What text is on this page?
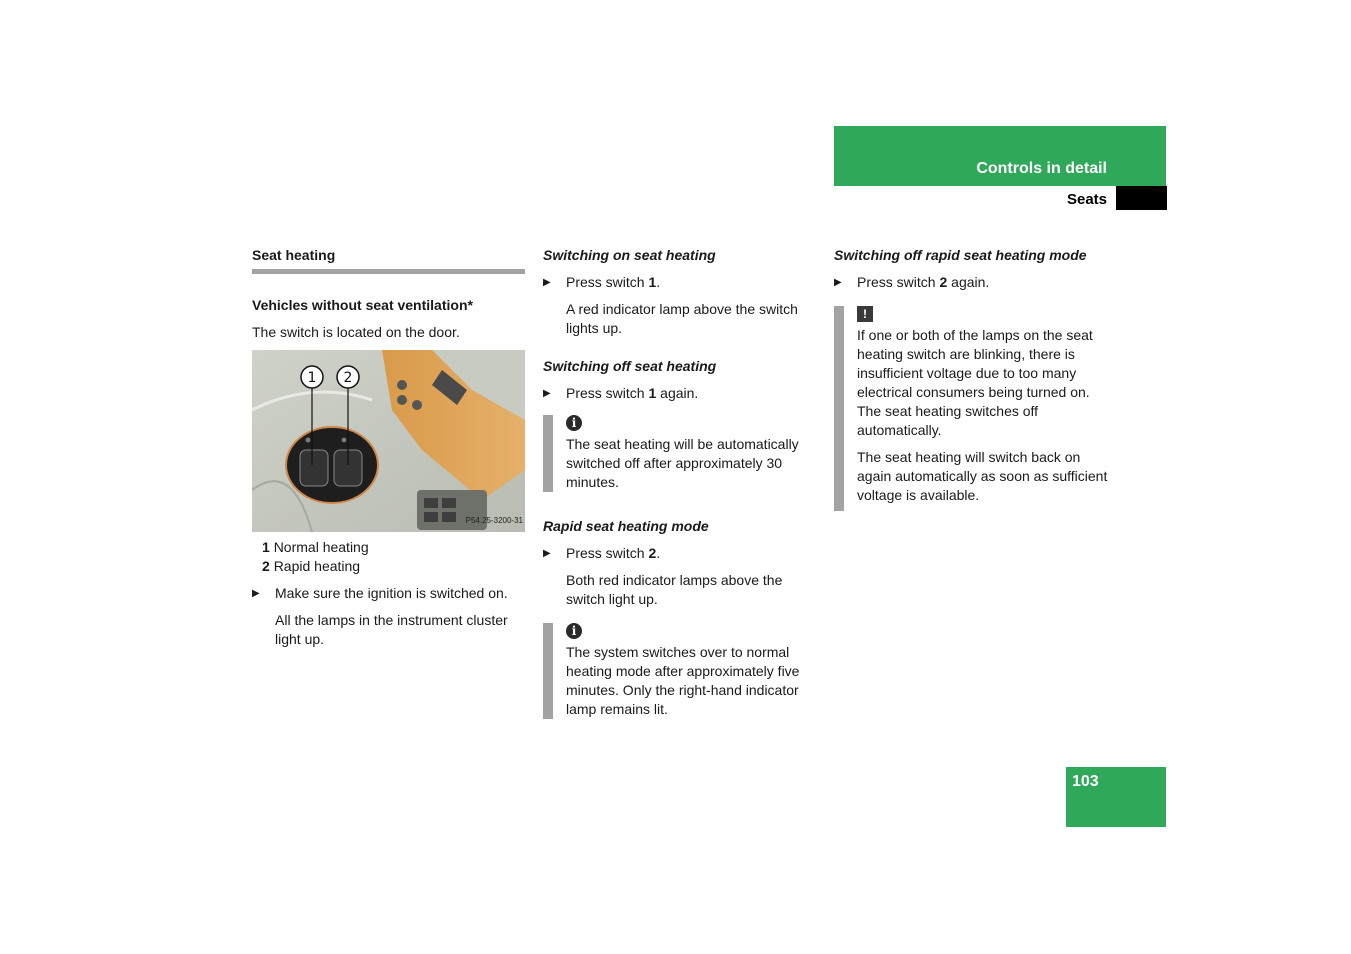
Controls in detail
Seats
Seat heating
Vehicles without seat ventilation*

The switch is located on the door.

1 2
P54.25-3200-31
1 Normal heating
2 Rapid heating
▶ Make sure the ignition is switched on.

All the lamps in the instrument cluster light up.

Switching on seat heating
▶ Press switch 1.

A red indicator lamp above the switch lights up.

Switching off seat heating
▶ Press switch 1 again.
i
The seat heating will be automatically switched off after approximately 30 minutes.
Rapid seat heating mode
▶ Press switch 2.

Both red indicator lamps above the switch light up.

i
The system switches over to normal heating mode after approximately five minutes. Only the right-hand indicator lamp remains lit.
Switching off rapid seat heating mode
▶ Press switch 2 again.
!

If one or both of the lamps on the seat heating switch are blinking, there is insufficient voltage due to too many electrical consumers being turned on. The seat heating switches off automatically.

The seat heating will switch back on again automatically as soon as sufficient voltage is available.

103
